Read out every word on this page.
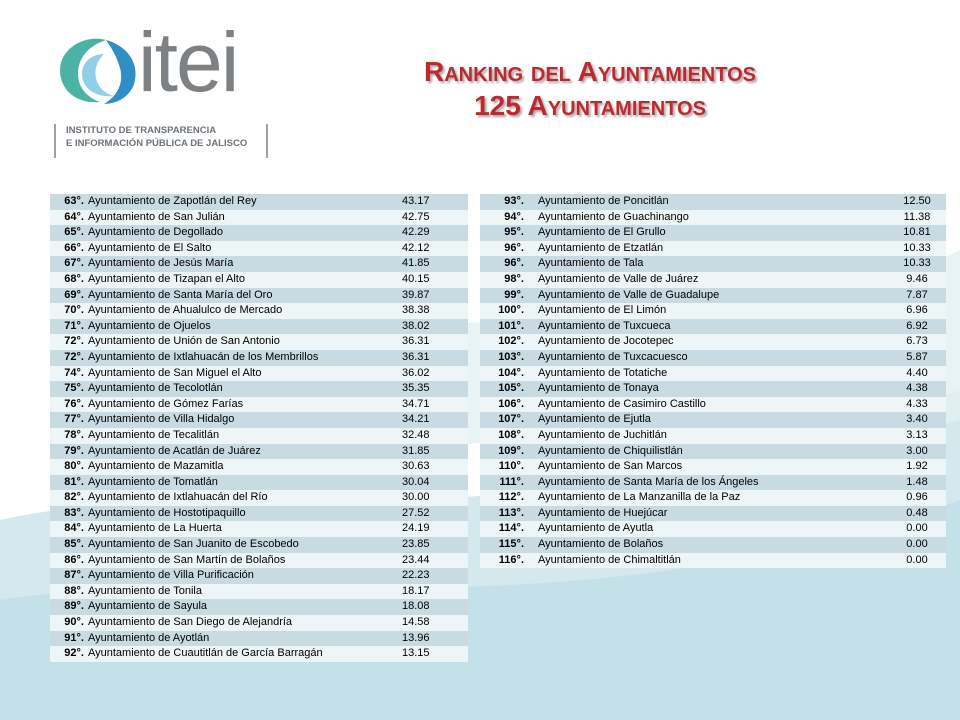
itei
INSTITUTO DE TRANSPARENCIA
E INFORMACIÓN PÚBLICA DE JALISCO
Ranking del Ayuntamientos
125 Ayuntamientos
63°.	Ayuntamiento de Zapotlán del Rey	43.17
64°.	Ayuntamiento de San Julián	42.75
65°.	Ayuntamiento de Degollado	42.29
66°.	Ayuntamiento de El Salto	42.12
67°.	Ayuntamiento de Jesús María	41.85
68°.	Ayuntamiento de Tizapan el Alto	40.15
69°.	Ayuntamiento de Santa María del Oro	39.87
70°.	Ayuntamiento de Ahualulco de Mercado	38.38
71°.	Ayuntamiento de Ojuelos	38.02
72°.	Ayuntamiento de Unión de San Antonio	36.31
72°.	Ayuntamiento de Ixtlahuacán de los Membrillos	36.31
74°.	Ayuntamiento de San Miguel el Alto	36.02
75°.	Ayuntamiento de Tecolotlán	35.35
76°.	Ayuntamiento de Gómez Farías	34.71
77°.	Ayuntamiento de Villa Hidalgo	34.21
78°.	Ayuntamiento de Tecalitlán	32.48
79°.	Ayuntamiento de Acatlán de Juárez	31.85
80°.	Ayuntamiento de Mazamitla	30.63
81°.	Ayuntamiento de Tomatlán	30.04
82°.	Ayuntamiento de Ixtlahuacán del Río	30.00
83°.	Ayuntamiento de Hostotipaquillo	27.52
84°.	Ayuntamiento de La Huerta	24.19
85°.	Ayuntamiento de San Juanito de Escobedo	23.85
86°.	Ayuntamiento de San Martín de Bolaños	23.44
87°.	Ayuntamiento de Villa Purificación	22.23
88°.	Ayuntamiento de Tonila	18.17
89°.	Ayuntamiento de Sayula	18.08
90°.	Ayuntamiento de San Diego de Alejandría	14.58
91°.	Ayuntamiento de Ayotlán	13.96
92°.	Ayuntamiento de Cuautitlán de García Barragán	13.15
93°.	Ayuntamiento de Poncitlán	12.50
94°.	Ayuntamiento de Guachinango	11.38
95°.	Ayuntamiento de El Grullo	10.81
96°.	Ayuntamiento de Etzatlán	10.33
96°.	Ayuntamiento de Tala	10.33
98°.	Ayuntamiento de Valle de Juárez	9.46
99°.	Ayuntamiento de Valle de Guadalupe	7.87
100°.	Ayuntamiento de El Limón	6.96
101°.	Ayuntamiento de Tuxcueca	6.92
102°.	Ayuntamiento de Jocotepec	6.73
103°.	Ayuntamiento de Tuxcacuesco	5.87
104°.	Ayuntamiento de Totatiche	4.40
105°.	Ayuntamiento de Tonaya	4.38
106°.	Ayuntamiento de Casimiro Castillo	4.33
107°.	Ayuntamiento de Ejutla	3.40
108°.	Ayuntamiento de Juchitlán	3.13
109°.	Ayuntamiento de Chiquilistlán	3.00
110°.	Ayuntamiento de San Marcos	1.92
111°.	Ayuntamiento de Santa María de los Ángeles	1.48
112°.	Ayuntamiento de La Manzanilla de la Paz	0.96
113°.	Ayuntamiento de Huejúcar	0.48
114°.	Ayuntamiento de Ayutla	0.00
115°.	Ayuntamiento de Bolaños	0.00
116°.	Ayuntamiento de Chimaltitlán	0.00
